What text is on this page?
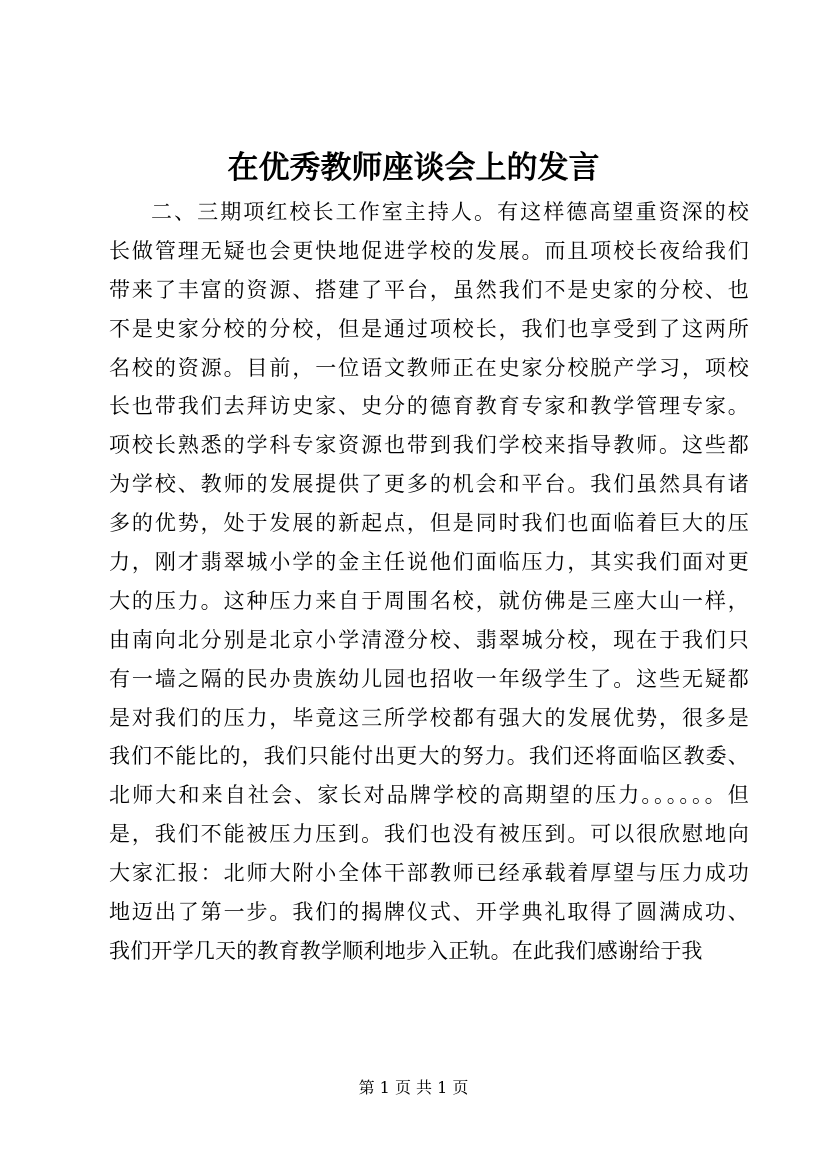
在优秀教师座谈会上的发言
二、三期项红校长工作室主持人。有这样德高望重资深的校
长做管理无疑也会更快地促进学校的发展。而且项校长夜给我们
带来了丰富的资源、搭建了平台，虽然我们不是史家的分校、也
不是史家分校的分校，但是通过项校长，我们也享受到了这两所
名校的资源。目前，一位语文教师正在史家分校脱产学习，项校
长也带我们去拜访史家、史分的德育教育专家和教学管理专家。
项校长熟悉的学科专家资源也带到我们学校来指导教师。这些都
为学校、教师的发展提供了更多的机会和平台。我们虽然具有诸
多的优势，处于发展的新起点，但是同时我们也面临着巨大的压
力，刚才翡翠城小学的金主任说他们面临压力，其实我们面对更
大的压力。这种压力来自于周围名校，就仿佛是三座大山一样，
由南向北分别是北京小学清澄分校、翡翠城分校，现在于我们只
有一墙之隔的民办贵族幼儿园也招收一年级学生了。这些无疑都
是对我们的压力，毕竟这三所学校都有强大的发展优势，很多是
我们不能比的，我们只能付出更大的努力。我们还将面临区教委、
北师大和来自社会、家长对品牌学校的高期望的压力。。。。。。但
是，我们不能被压力压到。我们也没有被压到。可以很欣慰地向
大家汇报：北师大附小全体干部教师已经承载着厚望与压力成功
地迈出了第一步。我们的揭牌仪式、开学典礼取得了圆满成功、
我们开学几天的教育教学顺利地步入正轨。在此我们感谢给于我
第 1 页 共 1 页
